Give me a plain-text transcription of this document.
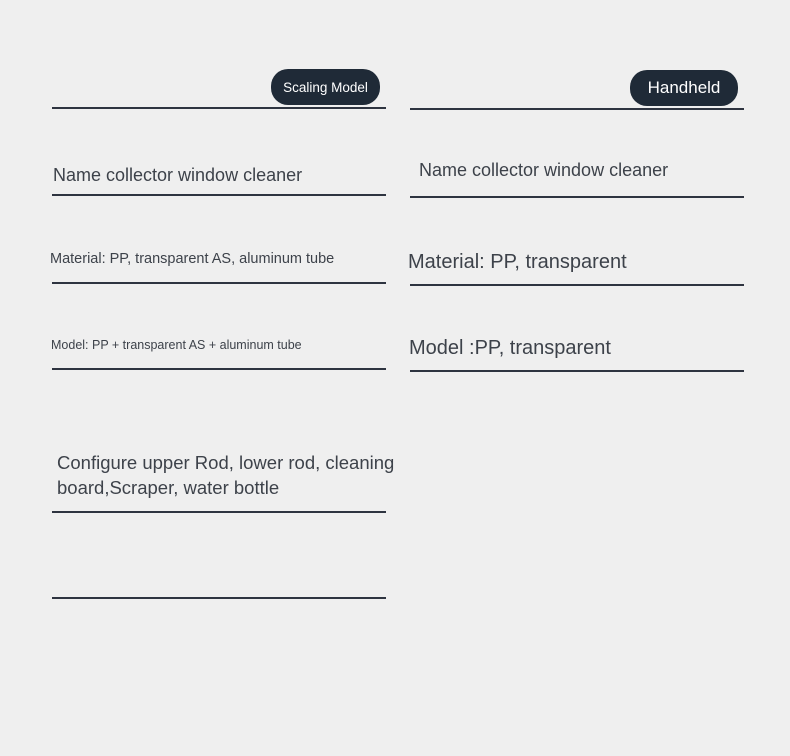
Scaling Model
Name collector window cleaner
Material: PP, transparent AS, aluminum tube
Model: PP + transparent AS + aluminum tube
Configure upper Rod, lower rod, cleaning
board,Scraper, water bottle
Handheld
Name collector window cleaner
Material: PP, transparent
Model :PP, transparent
